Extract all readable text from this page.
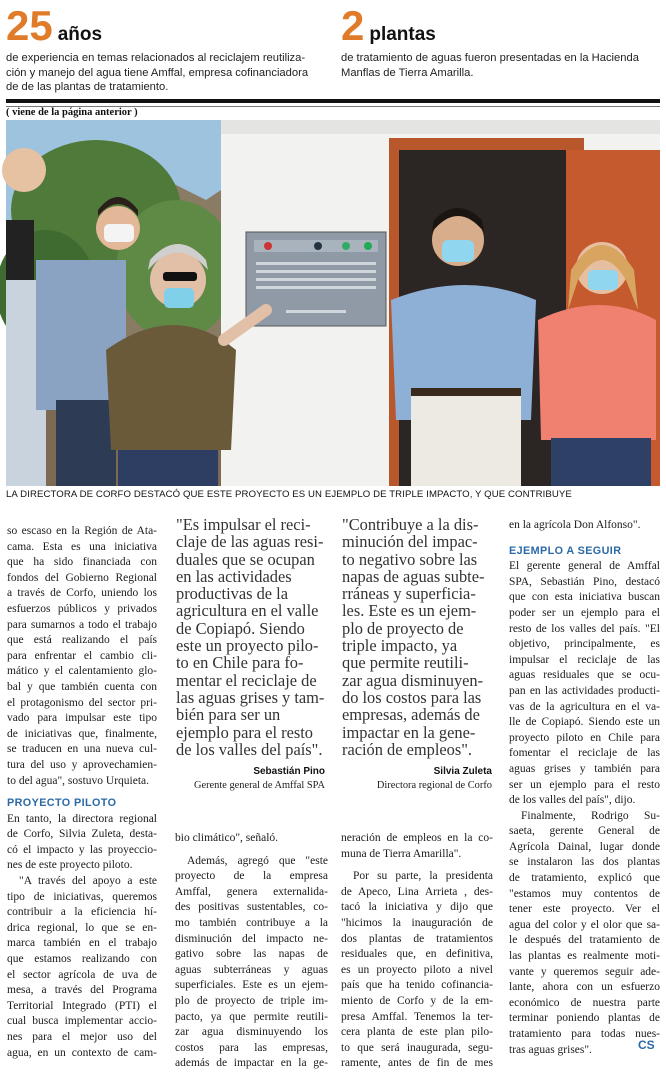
25 años
de experiencia en temas relacionados al reciclajem reutiliza-
ción y manejo del agua tiene Amffal, empresa cofinanciadora
de de las plantas de tratamiento.
2 plantas
de tratamiento de aguas fueron presentadas en la Hacienda
Manflas de Tierra Amarilla.
( viene de la página anterior )
LA DIRECTORA DE CORFO DESTACÓ QUE ESTE PROYECTO ES UN EJEMPLO DE TRIPLE IMPACTO, Y QUE CONTRIBUYE
so escaso en la Región de Ata-
cama. Esta es una iniciativa
que ha sido financiada con
fondos del Gobierno Regional
a través de Corfo, uniendo los
esfuerzos públicos y privados
para sumarnos a todo el trabajo
que está realizando el país
para enfrentar el cambio cli-
mático y el calentamiento glo-
bal y que también cuenta con
el protagonismo del sector pri-
vado para impulsar este tipo
de iniciativas que, finalmente,
se traducen en una nueva cul-
tura del uso y aprovechamien-
to del agua", sostuvo Urquieta.
PROYECTO PILOTO
En tanto, la directora regional
de Corfo, Silvia Zuleta, desta-
có el impacto y las proyeccio-
nes de este proyecto piloto.
"A través del apoyo a este
tipo de iniciativas, queremos
contribuir a la eficiencia hí-
drica regional, lo que se en-
marca también en el trabajo
que estamos realizando con
el sector agrícola de uva de
mesa, a través del Programa
Territorial Integrado (PTI) el
cual busca implementar accio-
nes para el mejor uso del
agua, en un contexto de cam-
"Es impulsar el reci-
claje de las aguas resi-
duales que se ocupan
en las actividades
productivas de la
agricultura en el valle
de Copiapó. Siendo
este un proyecto pilo-
to en Chile para fo-
mentar el reciclaje de
las aguas grises y tam-
bién para ser un
ejemplo para el resto
de los valles del país".
Sebastián Pino
Gerente general de Amffal SPA
"Contribuye a la dis-
minución del impac-
to negativo sobre las
napas de aguas subte-
rráneas y superficia-
les. Este es un ejem-
plo de proyecto de
triple impacto, ya
que permite reutili-
zar agua disminuyen-
do los costos para las
empresas, además de
impactar en la gene-
ración de empleos".
Silvia Zuleta
Directora regional de Corfo
bio climático", señaló.
Además, agregó que "este
proyecto de la empresa
Amffal, genera externalida-
des positivas sustentables, co-
mo también contribuye a la
disminución del impacto ne-
gativo sobre las napas de
aguas subterráneas y aguas
superficiales. Este es un ejem-
plo de proyecto de triple im-
pacto, ya que permite reutili-
zar agua disminuyendo los
costos para las empresas,
además de impactar en la ge-
neración de empleos en la co-
muna de Tierra Amarilla".
Por su parte, la presidenta
de Apeco, Lina Arrieta , des-
tacó la iniciativa y dijo que
"hicimos la inauguración de
dos plantas de tratamientos
residuales que, en definitiva,
es un proyecto piloto a nivel
país que ha tenido cofinancia-
miento de Corfo y de la em-
presa Amffal. Tenemos la ter-
cera planta de este plan pilo-
to que será inaugurada, segu-
ramente, antes de fin de mes
en la agrícola Don Alfonso".
EJEMPLO A SEGUIR
El gerente general de Amffal
SPA, Sebastián Pino, destacó
que con esta iniciativa buscan
poder ser un ejemplo para el
resto de los valles del país. "El
objetivo, principalmente, es
impulsar el reciclaje de las
aguas residuales que se ocu-
pan en las actividades producti-
vas de la agricultura en el va-
lle de Copiapó. Siendo este un
proyecto piloto en Chile para
fomentar el reciclaje de las
aguas grises y también para
ser un ejemplo para el resto
de los valles del país", dijo.
Finalmente, Rodrigo Su-
saeta, gerente General de
Agrícola Dainal, lugar donde
se instalaron las dos plantas
de tratamiento, explicó que
"estamos muy contentos de
tener este proyecto. Ver el
agua del color y el olor que sa-
le después del tratamiento de
las plantas es realmente moti-
vante y queremos seguir ade-
lante, ahora con un esfuerzo
económico de nuestra parte
terminar poniendo plantas de
tratamiento para todas nues-
tras aguas grises".	CS
